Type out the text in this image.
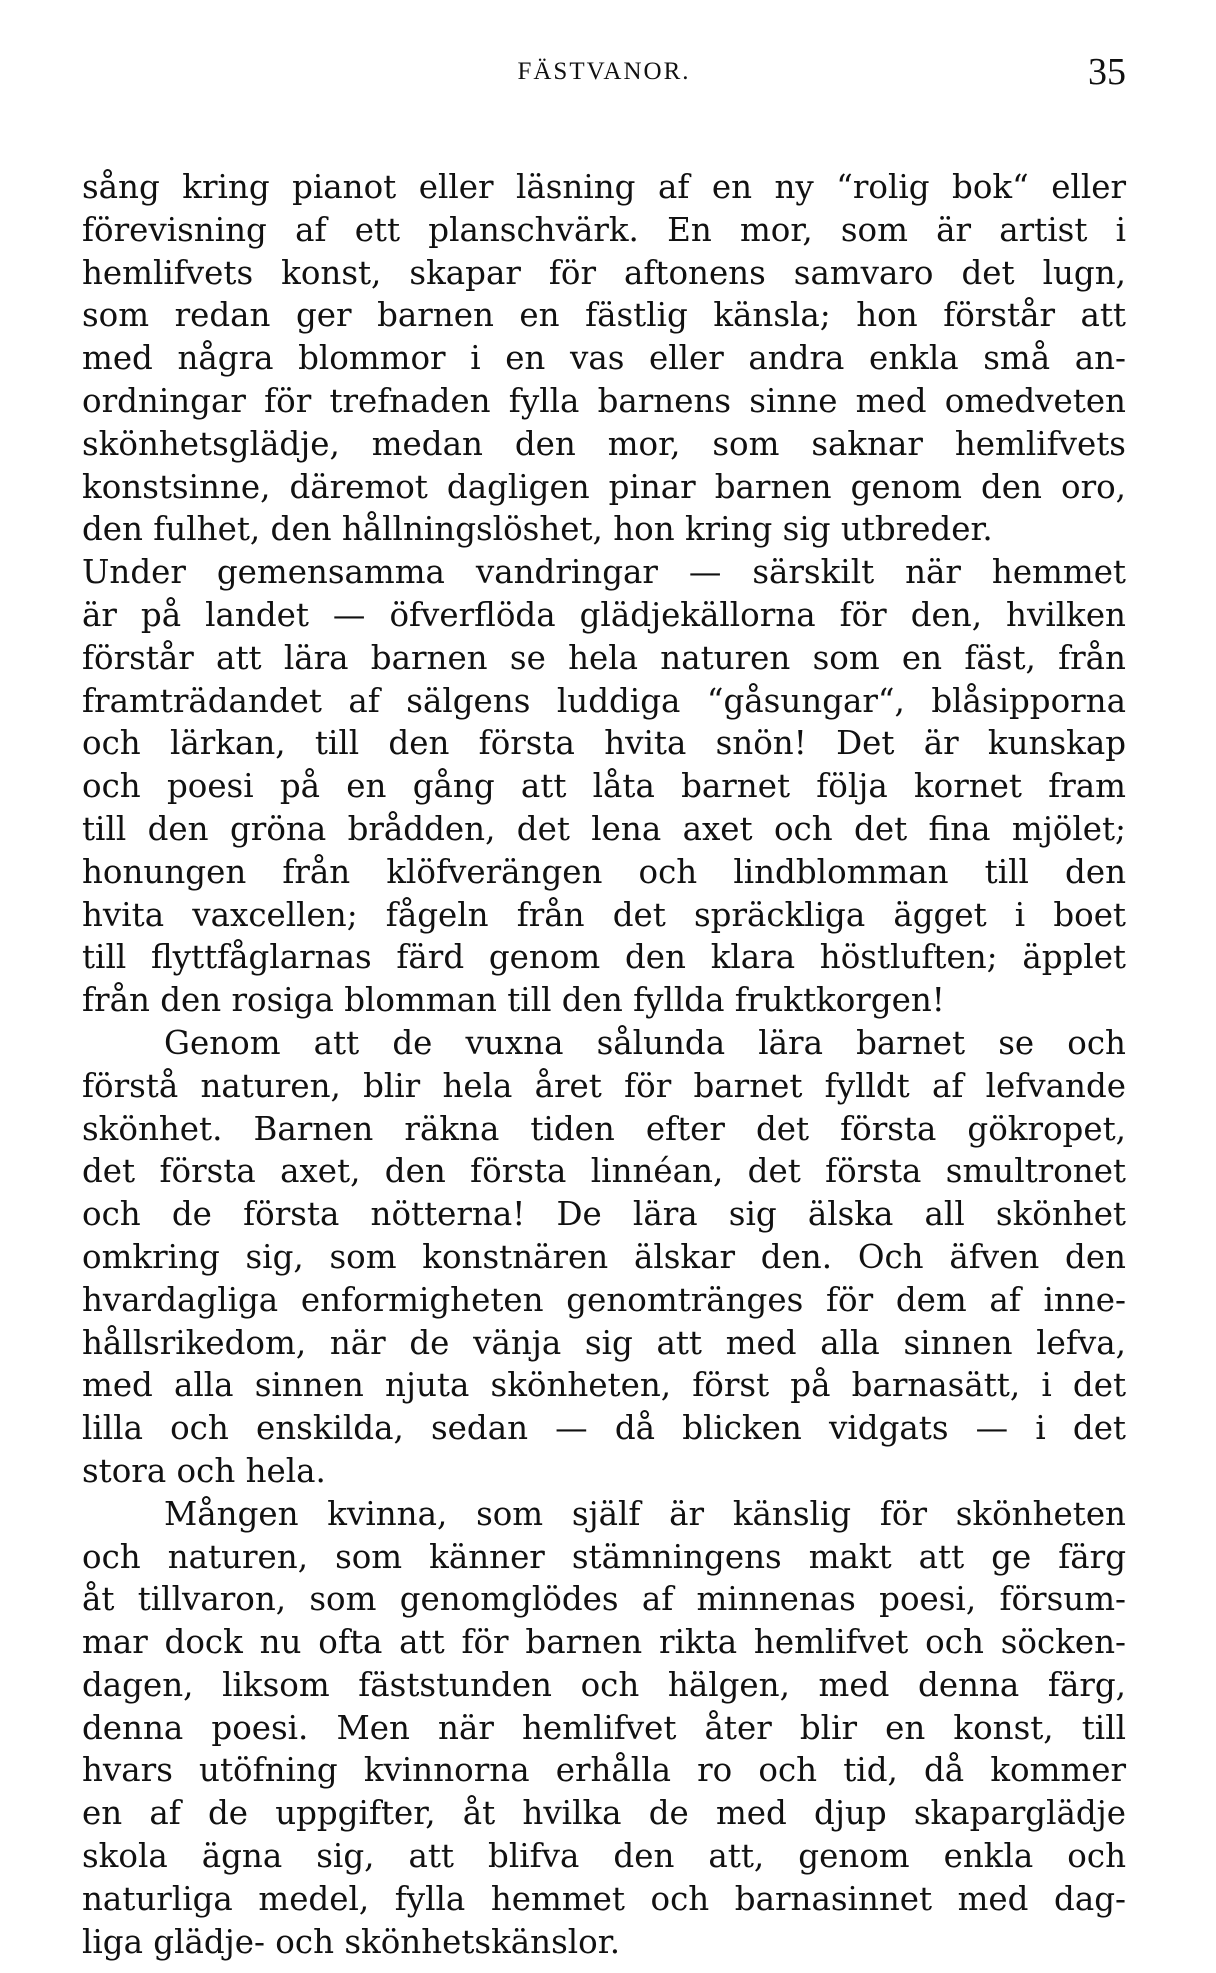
FÄSTVANOR.	35
sång kring pianot eller läsning af en ny “rolig bok“ eller
förevisning af ett planschvärk. En mor, som är artist i
hemlifvets konst, skapar för aftonens samvaro det lugn,
som redan ger barnen en fästlig känsla; hon förstår att
med några blommor i en vas eller andra enkla små an-
ordningar för trefnaden fylla barnens sinne med omedveten
skönhetsglädje, medan den mor, som saknar hemlifvets
konstsinne, däremot dagligen pinar barnen genom den oro,
den fulhet, den hållningslöshet, hon kring sig utbreder.
Under gemensamma vandringar — särskilt när hemmet
är på landet — öfverflöda glädjekällorna för den, hvilken
förstår att lära barnen se hela naturen som en fäst, från
framträdandet af sälgens luddiga “gåsungar“, blåsipporna
och lärkan, till den första hvita snön! Det är kunskap
och poesi på en gång att låta barnet följa kornet fram
till den gröna brådden, det lena axet och det fina mjölet;
honungen från klöfverängen och lindblomman till den
hvita vaxcellen; fågeln från det spräckliga ägget i boet
till flyttfåglarnas färd genom den klara höstluften; äpplet
från den rosiga blomman till den fyllda fruktkorgen!
Genom att de vuxna sålunda lära barnet se och
förstå naturen, blir hela året för barnet fylldt af lefvande
skönhet. Barnen räkna tiden efter det första gökropet,
det första axet, den första linnéan, det första smultronet
och de första nötterna! De lära sig älska all skönhet
omkring sig, som konstnären älskar den. Och äfven den
hvardagliga enformigheten genomtränges för dem af inne-
hållsrikedom, när de vänja sig att med alla sinnen lefva,
med alla sinnen njuta skönheten, först på barnasätt, i det
lilla och enskilda, sedan — då blicken vidgats — i det
stora och hela.
Mången kvinna, som själf är känslig för skönheten
och naturen, som känner stämningens makt att ge färg
åt tillvaron, som genomglödes af minnenas poesi, försum-
mar dock nu ofta att för barnen rikta hemlifvet och söcken-
dagen, liksom fäststunden och hälgen, med denna färg,
denna poesi. Men när hemlifvet åter blir en konst, till
hvars utöfning kvinnorna erhålla ro och tid, då kommer
en af de uppgifter, åt hvilka de med djup skaparglädje
skola ägna sig, att blifva den att, genom enkla och
naturliga medel, fylla hemmet och barnasinnet med dag-
liga glädje- och skönhetskänslor.
